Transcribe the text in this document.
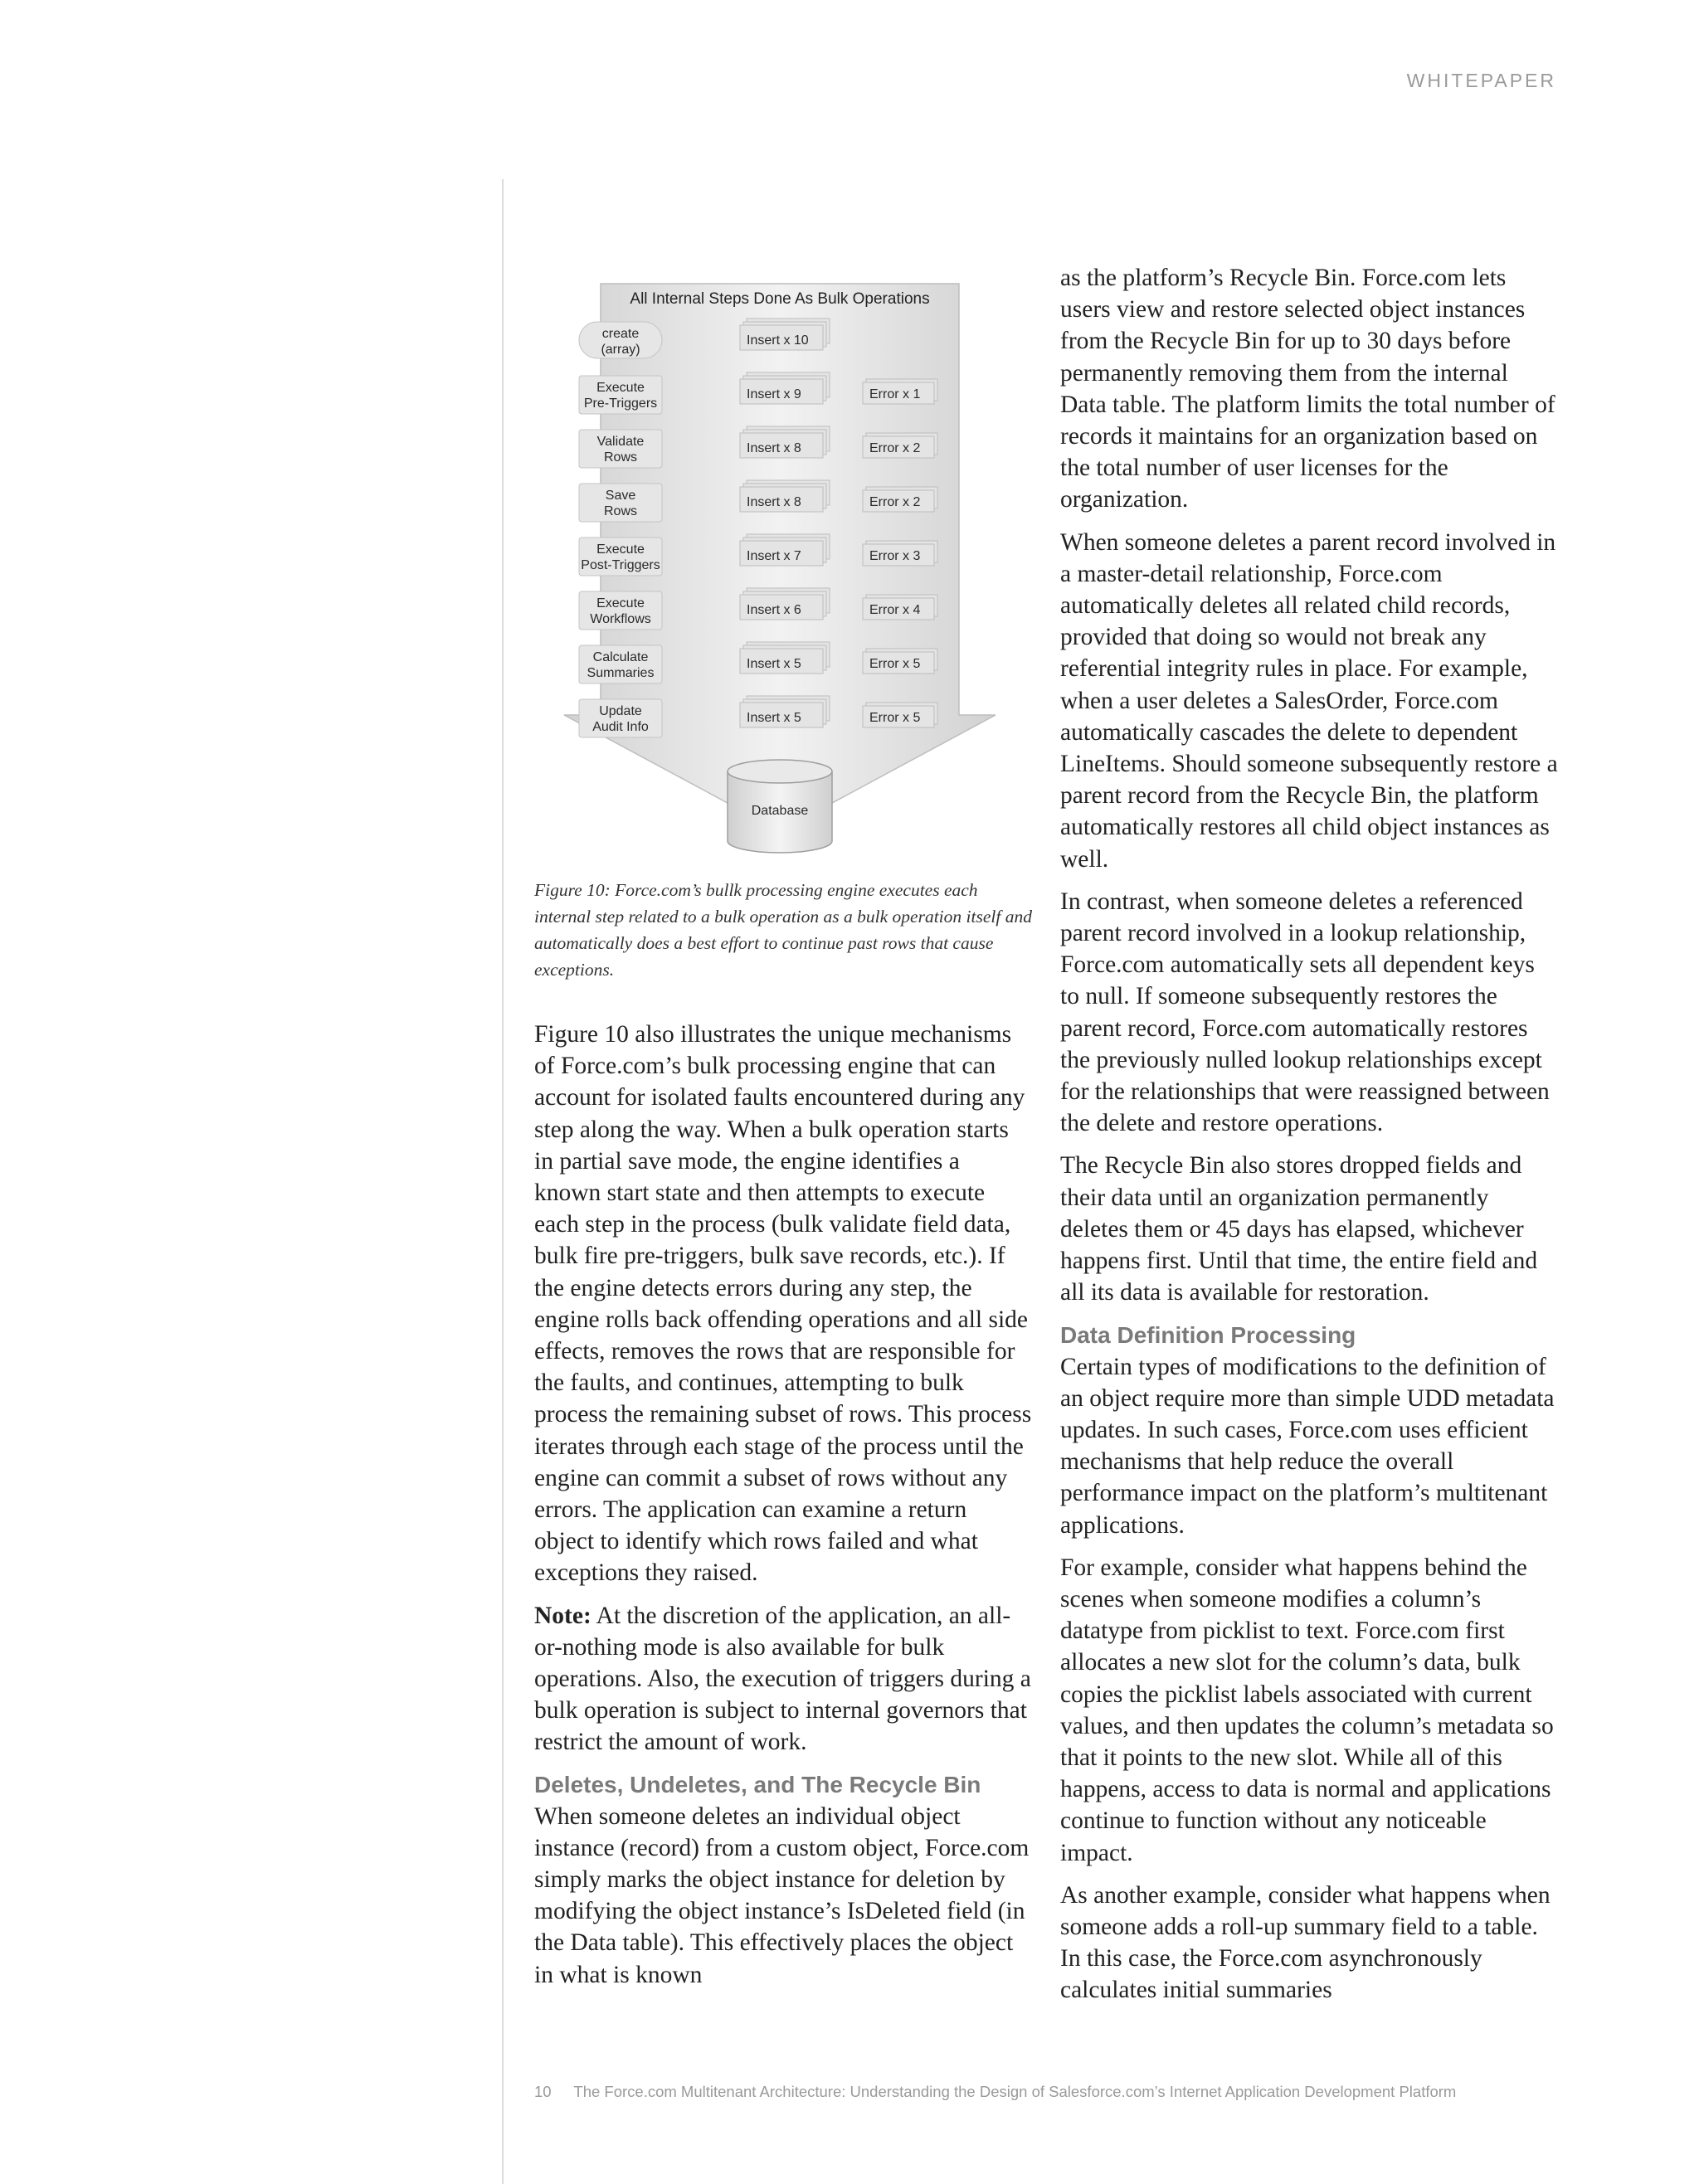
WHITEPAPER
All Internal Steps Done As Bulk Operations
create
(array)
Insert x 10
Execute
Pre-Triggers
Insert x 9	Error x 1
Validate
Rows
Insert x 8	Error x 2
Save
Rows
Insert x 8	Error x 2
Execute
Post-Triggers
Insert x 7	Error x 3
Execute
Workflows
Insert x 6	Error x 4
Calculate
Summaries
Insert x 5	Error x 5
Update
Audit Info
Insert x 5	Error x 5
Database

Figure 10: Force.com’s bullk processing engine executes each internal step related to a bulk operation as a bulk operation itself and automatically does a best effort to continue past rows that cause exceptions.

Figure 10 also illustrates the unique mechanisms of Force.com’s bulk processing engine that can account for isolated faults encountered during any step along the way. When a bulk operation starts in partial save mode, the engine identifies a known start state and then attempts to execute each step in the process (bulk validate field data, bulk fire pre-triggers, bulk save records, etc.). If the engine detects errors during any step, the engine rolls back offending operations and all side effects, removes the rows that are responsible for the faults, and continues, attempting to bulk process the remaining subset of rows. This process iterates through each stage of the process until the engine can commit a subset of rows without any errors. The application can examine a return object to identify which rows failed and what exceptions they raised.

Note: At the discretion of the application, an all-or-nothing mode is also available for bulk operations. Also, the execution of triggers during a bulk operation is subject to internal governors that restrict the amount of work.

Deletes, Undeletes, and The Recycle Bin

When someone deletes an individual object instance (record) from a custom object, Force.com simply marks the object instance for deletion by modifying the object instance’s IsDeleted field (in the Data table). This effectively places the object in what is known

as the platform’s Recycle Bin. Force.com lets users view and restore selected object instances from the Recycle Bin for up to 30 days before permanently removing them from the internal Data table. The platform limits the total number of records it maintains for an organization based on the total number of user licenses for the organization.

When someone deletes a parent record involved in a master-detail relationship, Force.com automatically deletes all related child records, provided that doing so would not break any referential integrity rules in place. For example, when a user deletes a SalesOrder, Force.com automatically cascades the delete to dependent LineItems. Should someone subsequently restore a parent record from the Recycle Bin, the platform automatically restores all child object instances as well.

In contrast, when someone deletes a referenced parent record involved in a lookup relationship, Force.com automatically sets all dependent keys to null. If someone subsequently restores the parent record, Force.com automatically restores the previously nulled lookup relationships except for the relationships that were reassigned between the delete and restore operations.

The Recycle Bin also stores dropped fields and their data until an organization permanently deletes them or 45 days has elapsed, whichever happens first. Until that time, the entire field and all its data is available for restoration.

Data Definition Processing

Certain types of modifications to the definition of an object require more than simple UDD metadata updates. In such cases, Force.com uses efficient mechanisms that help reduce the overall performance impact on the platform’s multitenant applications.

For example, consider what happens behind the scenes when someone modifies a column’s datatype from picklist to text. Force.com first allocates a new slot for the column’s data, bulk copies the picklist labels associated with current values, and then updates the column’s metadata so that it points to the new slot. While all of this happens, access to data is normal and applications continue to function without any noticeable impact.

As another example, consider what happens when someone adds a roll-up summary field to a table. In this case, the Force.com asynchronously calculates initial summaries

10 The Force.com Multitenant Architecture: Understanding the Design of Salesforce.com’s Internet Application Development Platform
